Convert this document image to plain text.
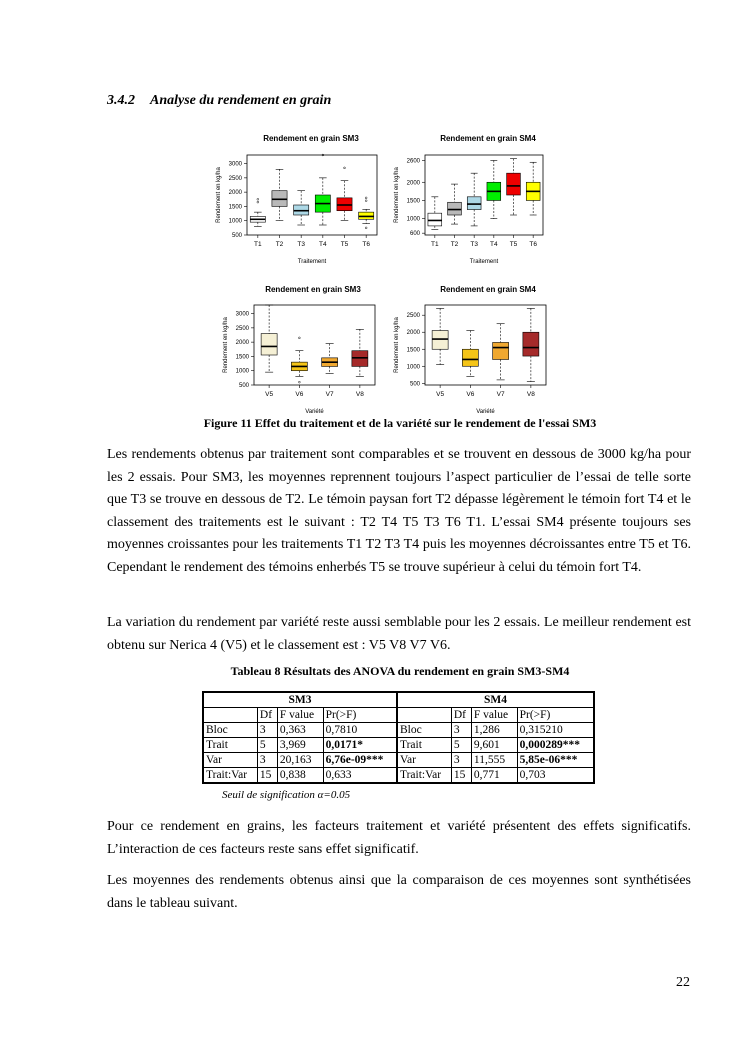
3.4.2 Analyse du rendement en grain
Rendement en grain SM3
500
1000
1500
2000
2500
3000
Rendement en kg/ha
Traitement
T1 T2 T3 T4 T5 T6
Rendement en grain SM4
600
1000
1500
2000
2600
Rendement en kg/ha
Traitement
T1 T2 T3 T4 T5 T6
Rendement en grain SM3
500
1000
1500
2000
2500
3000
Rendement en kg/ha
Variété
V5	V6	V7	V8
Rendement en grain SM4
500
1000
1500
2000
2500
Rendement en kg/ha
Variété
V5	V6	V7	V8
Figure 11 Effet du traitement et de la variété sur le rendement de l'essai SM3
Les rendements obtenus par traitement sont comparables et se trouvent en dessous de 3000 kg/ha pour les 2 essais. Pour SM3, les moyennes reprennent toujours l’aspect particulier de l’essai de telle sorte que T3 se trouve en dessous de T2. Le témoin paysan fort T2 dépasse légèrement le témoin fort T4 et le classement des traitements est le suivant : T2 T4 T5 T3 T6 T1. L’essai SM4 présente toujours ses moyennes croissantes pour les traitements T1 T2 T3 T4 puis les moyennes décroissantes entre T5 et T6. Cependant le rendement des témoins enherbés T5 se trouve supérieur à celui du témoin fort T4.
La variation du rendement par variété reste aussi semblable pour les 2 essais. Le meilleur rendement est obtenu sur Nerica 4 (V5) et le classement est : V5 V8 V7 V6.
Tableau 8 Résultats des ANOVA du rendement en grain SM3-SM4
SM3				SM4			
	Df	F value	Pr(>F)		Df	F value	Pr(>F)
Bloc	3	0,363	0,7810	Bloc	3	1,286	0,315210
Trait	5	3,969	0,0171*	Trait	5	9,601	0,000289***
Var	3	20,163	6,76e-09***	Var	3	11,555	5,85e-06***
Trait:Var	15	0,838	0,633	Trait:Var	15	0,771	0,703
Seuil de signification α=0.05
Pour ce rendement en grains, les facteurs traitement et variété présentent des effets significatifs. L’interaction de ces facteurs reste sans effet significatif.
Les moyennes des rendements obtenus ainsi que la comparaison de ces moyennes sont synthétisées dans le tableau suivant.
22
